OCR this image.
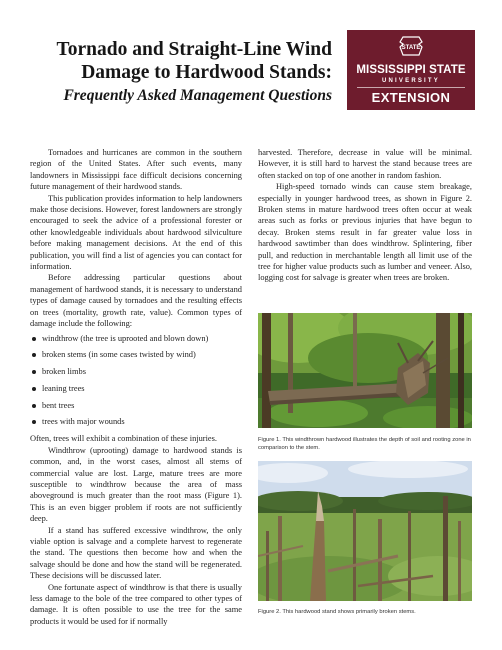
Tornado and Straight-Line Wind
Damage to Hardwood Stands:
Frequently Asked Management Questions
STATE
MISSISSIPPI STATE
UNIVERSITY
EXTENSION

Tornadoes and hurricanes are common in the southern region of the United States. After such events, many landowners in Mississippi face difficult decisions concerning future management of their hardwood stands.

This publication provides information to help landowners make those decisions. However, forest landowners are strongly encouraged to seek the advice of a professional forester or other knowledgeable individuals about hardwood silviculture before making management decisions. At the end of this publication, you will find a list of agencies you can contact for information.

Before addressing particular questions about management of hardwood stands, it is necessary to understand types of damage caused by tornadoes and the resulting effects on trees (mortality, growth rate, value). Common types of damage include the following:

windthrow (the tree is uprooted and blown down)
broken stems (in some cases twisted by wind)
broken limbs
leaning trees
bent trees
trees with major wounds

Often, trees will exhibit a combination of these injuries.

Windthrow (uprooting) damage to hardwood stands is common, and, in the worst cases, almost all stems of commercial value are lost. Large, mature trees are more susceptible to windthrow because the area of mass aboveground is much greater than the root mass (Figure 1). This is an even bigger problem if roots are not sufficiently deep.

If a stand has suffered excessive windthrow, the only viable option is salvage and a complete harvest to regenerate the stand. The questions then become how and when the salvage should be done and how the stand will be regenerated. These decisions will be discussed later.

One fortunate aspect of windthrow is that there is usually less damage to the bole of the tree compared to other types of damage. It is often possible to use the tree for the same products it would be used for if normally

harvested. Therefore, decrease in value will be minimal. However, it is still hard to harvest the stand because trees are often stacked on top of one another in random fashion.

High-speed tornado winds can cause stem breakage, especially in younger hardwood trees, as shown in Figure 2. Broken stems in mature hardwood trees often occur at weak areas such as forks or previous injuries that have begun to decay. Broken stems result in far greater value loss in hardwood sawtimber than does windthrow. Splintering, fiber pull, and reduction in merchantable length all limit use of the tree for higher value products such as lumber and veneer. Also, logging cost for salvage is greater when trees are broken.

Figure 1. This windthrown hardwood illustrates the depth of soil and rooting zone in comparison to the stem.
Figure 2. This hardwood stand shows primarily broken stems.
